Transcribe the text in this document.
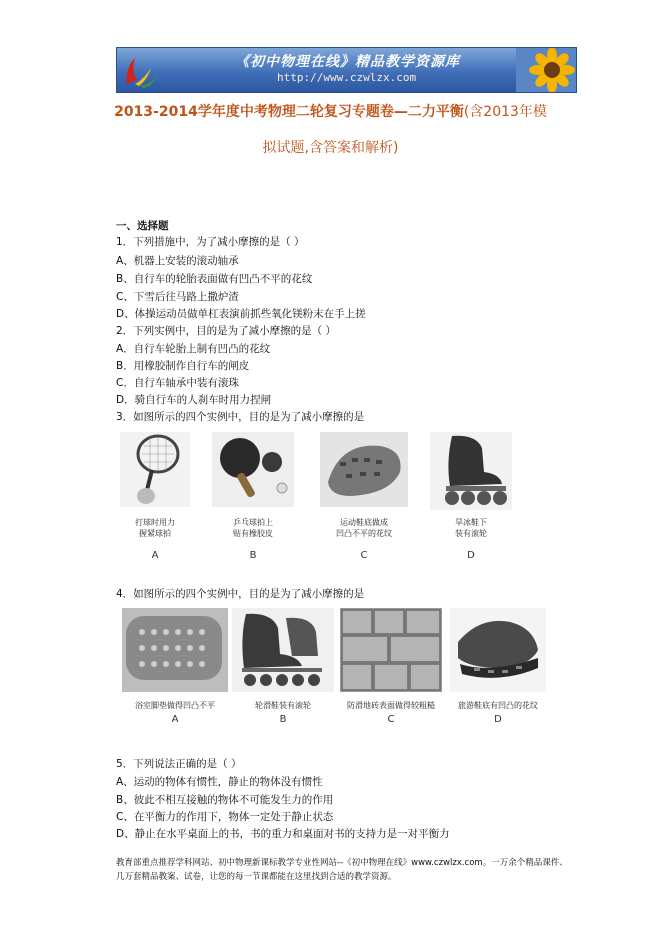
《初中物理在线》精品教学资源库
http://www.czwlzx.com
2013-2014学年度中考物理二轮复习专题卷—二力平衡(含2013年模
拟试题,含答案和解析)
一、选择题
1．下列措施中，为了减小摩擦的是（ ）
A、机器上安装的滚动轴承
B、自行车的轮胎表面做有凹凸不平的花纹
C、下雪后往马路上撒炉渣
D、体操运动员做单杠表演前抓些氧化镁粉末在手上搓
2．下列实例中，目的是为了减小摩擦的是（ ）
A．自行车轮胎上制有凹凸的花纹
B．用橡胶制作自行车的闸皮
C．自行车轴承中装有滚珠
D．骑自行车的人刹车时用力捏闸
3．如图所示的四个实例中，目的是为了减小摩擦的是
打球时用力
握紧球拍
A
乒乓球拍上
贴有橡胶皮
B
运动鞋底做成
凹凸不平的花纹
C
旱冰鞋下
装有滚轮
D
4．如图所示的四个实例中，目的是为了减小摩擦的是
浴室脚垫做得凹凸不平
A
轮滑鞋装有滚轮
B
防滑地砖表面做得较粗糙
C
旅游鞋底有凹凸的花纹
D
5．下列说法正确的是（ ）
A、运动的物体有惯性，静止的物体没有惯性
B、彼此不相互接触的物体不可能发生力的作用
C、在平衡力的作用下，物体一定处于静止状态
D、静止在水平桌面上的书，书的重力和桌面对书的支持力是一对平衡力
教育部重点推荐学科网站、初中物理新课标教学专业性网站--《初中物理在线》www.czwlzx.com。一万余个精品课件、几万套精品教案、试卷，让您的每一节课都能在这里找到合适的教学资源。
